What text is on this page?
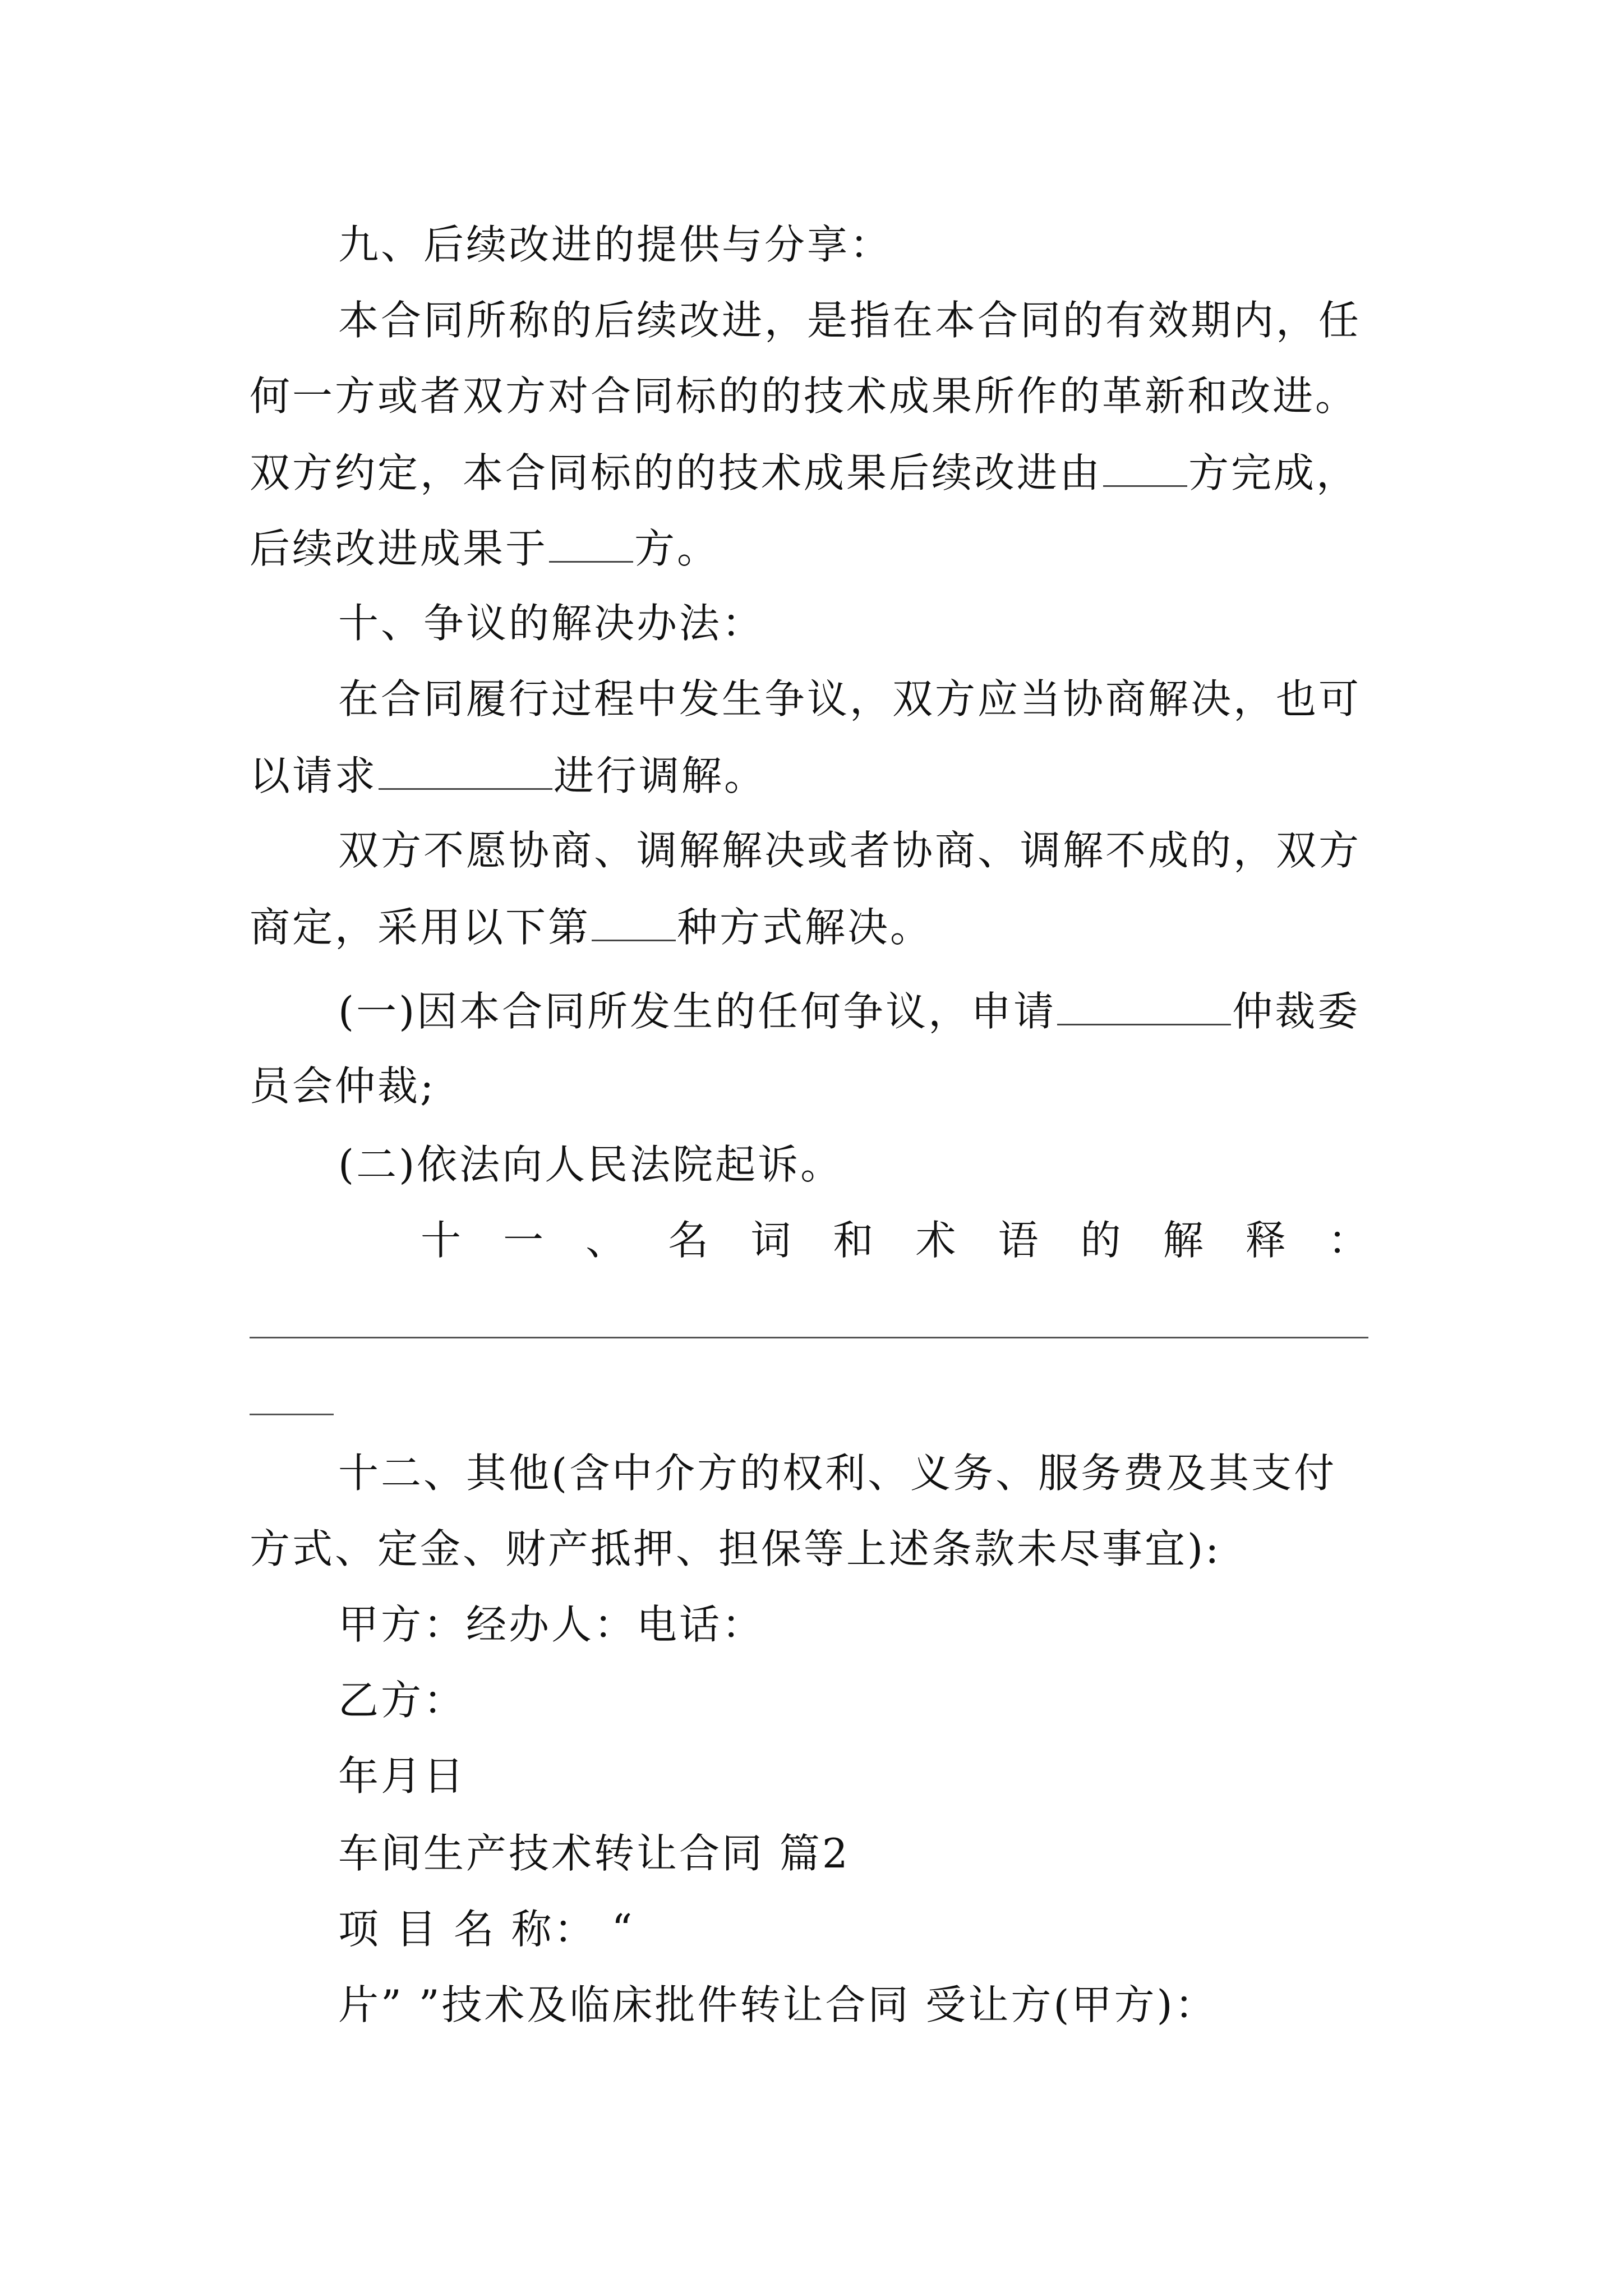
九、后续改进的提供与分享：
本合同所称的后续改进，是指在本合同的有效期内，任
何一方或者双方对合同标的的技术成果所作的革新和改进。
双方约定，本合同标的的技术成果后续改进由 方完成，
后续改进成果于 方。
十、争议的解决办法：
在合同履行过程中发生争议，双方应当协商解决，也可
以请求	进行调解。
双方不愿协商、调解解决或者协商、调解不成的，双方
商定，采用以下第 种方式解决。
(一)因本合同所发生的任何争议，申请	仲裁委
员会仲裁;
(二)依法向人民法院起诉。
十 一 、 名 词 和 术 语 的 解 释 ：
十二、其他(含中介方的权利、义务、服务费及其支付
方式、定金、财产抵押、担保等上述条款未尽事宜):
甲方：经办人：电话：
乙方：
年月日
车间生产技术转让合同 篇2
项 目 名 称： “
片” ”技术及临床批件转让合同 受让方(甲方)：
